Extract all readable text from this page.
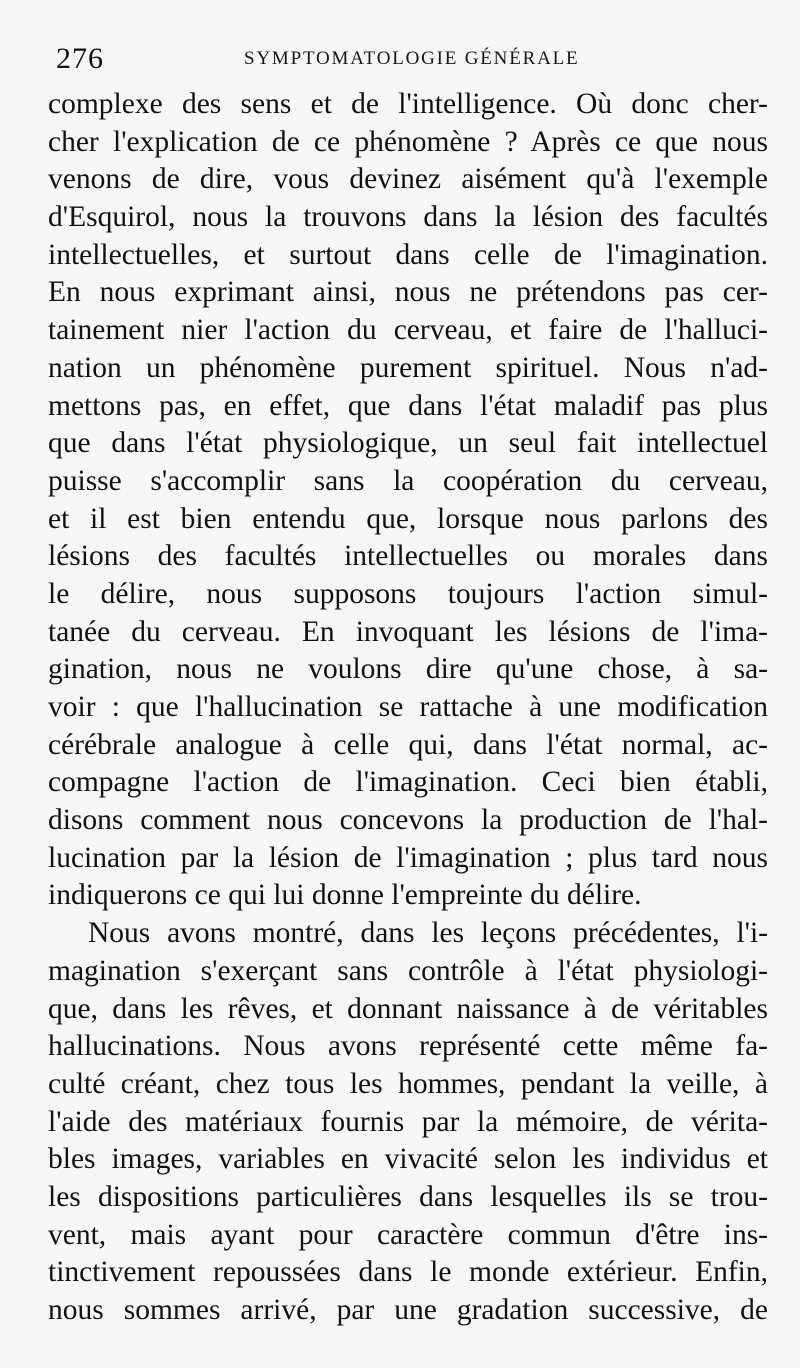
276	SYMPTOMATOLOGIE GÉNÉRALE
complexe des sens et de l'intelligence. Où donc cher-
cher l'explication de ce phénomène ? Après ce que nous
venons de dire, vous devinez aisément qu'à l'exemple
d'Esquirol, nous la trouvons dans la lésion des facultés
intellectuelles, et surtout dans celle de l'imagination.
En nous exprimant ainsi, nous ne prétendons pas cer-
tainement nier l'action du cerveau, et faire de l'halluci-
nation un phénomène purement spirituel. Nous n'ad-
mettons pas, en effet, que dans l'état maladif pas plus
que dans l'état physiologique, un seul fait intellectuel
puisse s'accomplir sans la coopération du cerveau,
et il est bien entendu que, lorsque nous parlons des
lésions des facultés intellectuelles ou morales dans
le délire, nous supposons toujours l'action simul-
tanée du cerveau. En invoquant les lésions de l'ima-
gination, nous ne voulons dire qu'une chose, à sa-
voir : que l'hallucination se rattache à une modification
cérébrale analogue à celle qui, dans l'état normal, ac-
compagne l'action de l'imagination. Ceci bien établi,
disons comment nous concevons la production de l'hal-
lucination par la lésion de l'imagination ; plus tard nous
indiquerons ce qui lui donne l'empreinte du délire.
Nous avons montré, dans les leçons précédentes, l'i-
magination s'exerçant sans contrôle à l'état physiologi-
que, dans les rêves, et donnant naissance à de véritables
hallucinations. Nous avons représenté cette même fa-
culté créant, chez tous les hommes, pendant la veille, à
l'aide des matériaux fournis par la mémoire, de vérita-
bles images, variables en vivacité selon les individus et
les dispositions particulières dans lesquelles ils se trou-
vent, mais ayant pour caractère commun d'être ins-
tinctivement repoussées dans le monde extérieur. Enfin,
nous sommes arrivé, par une gradation successive, de
